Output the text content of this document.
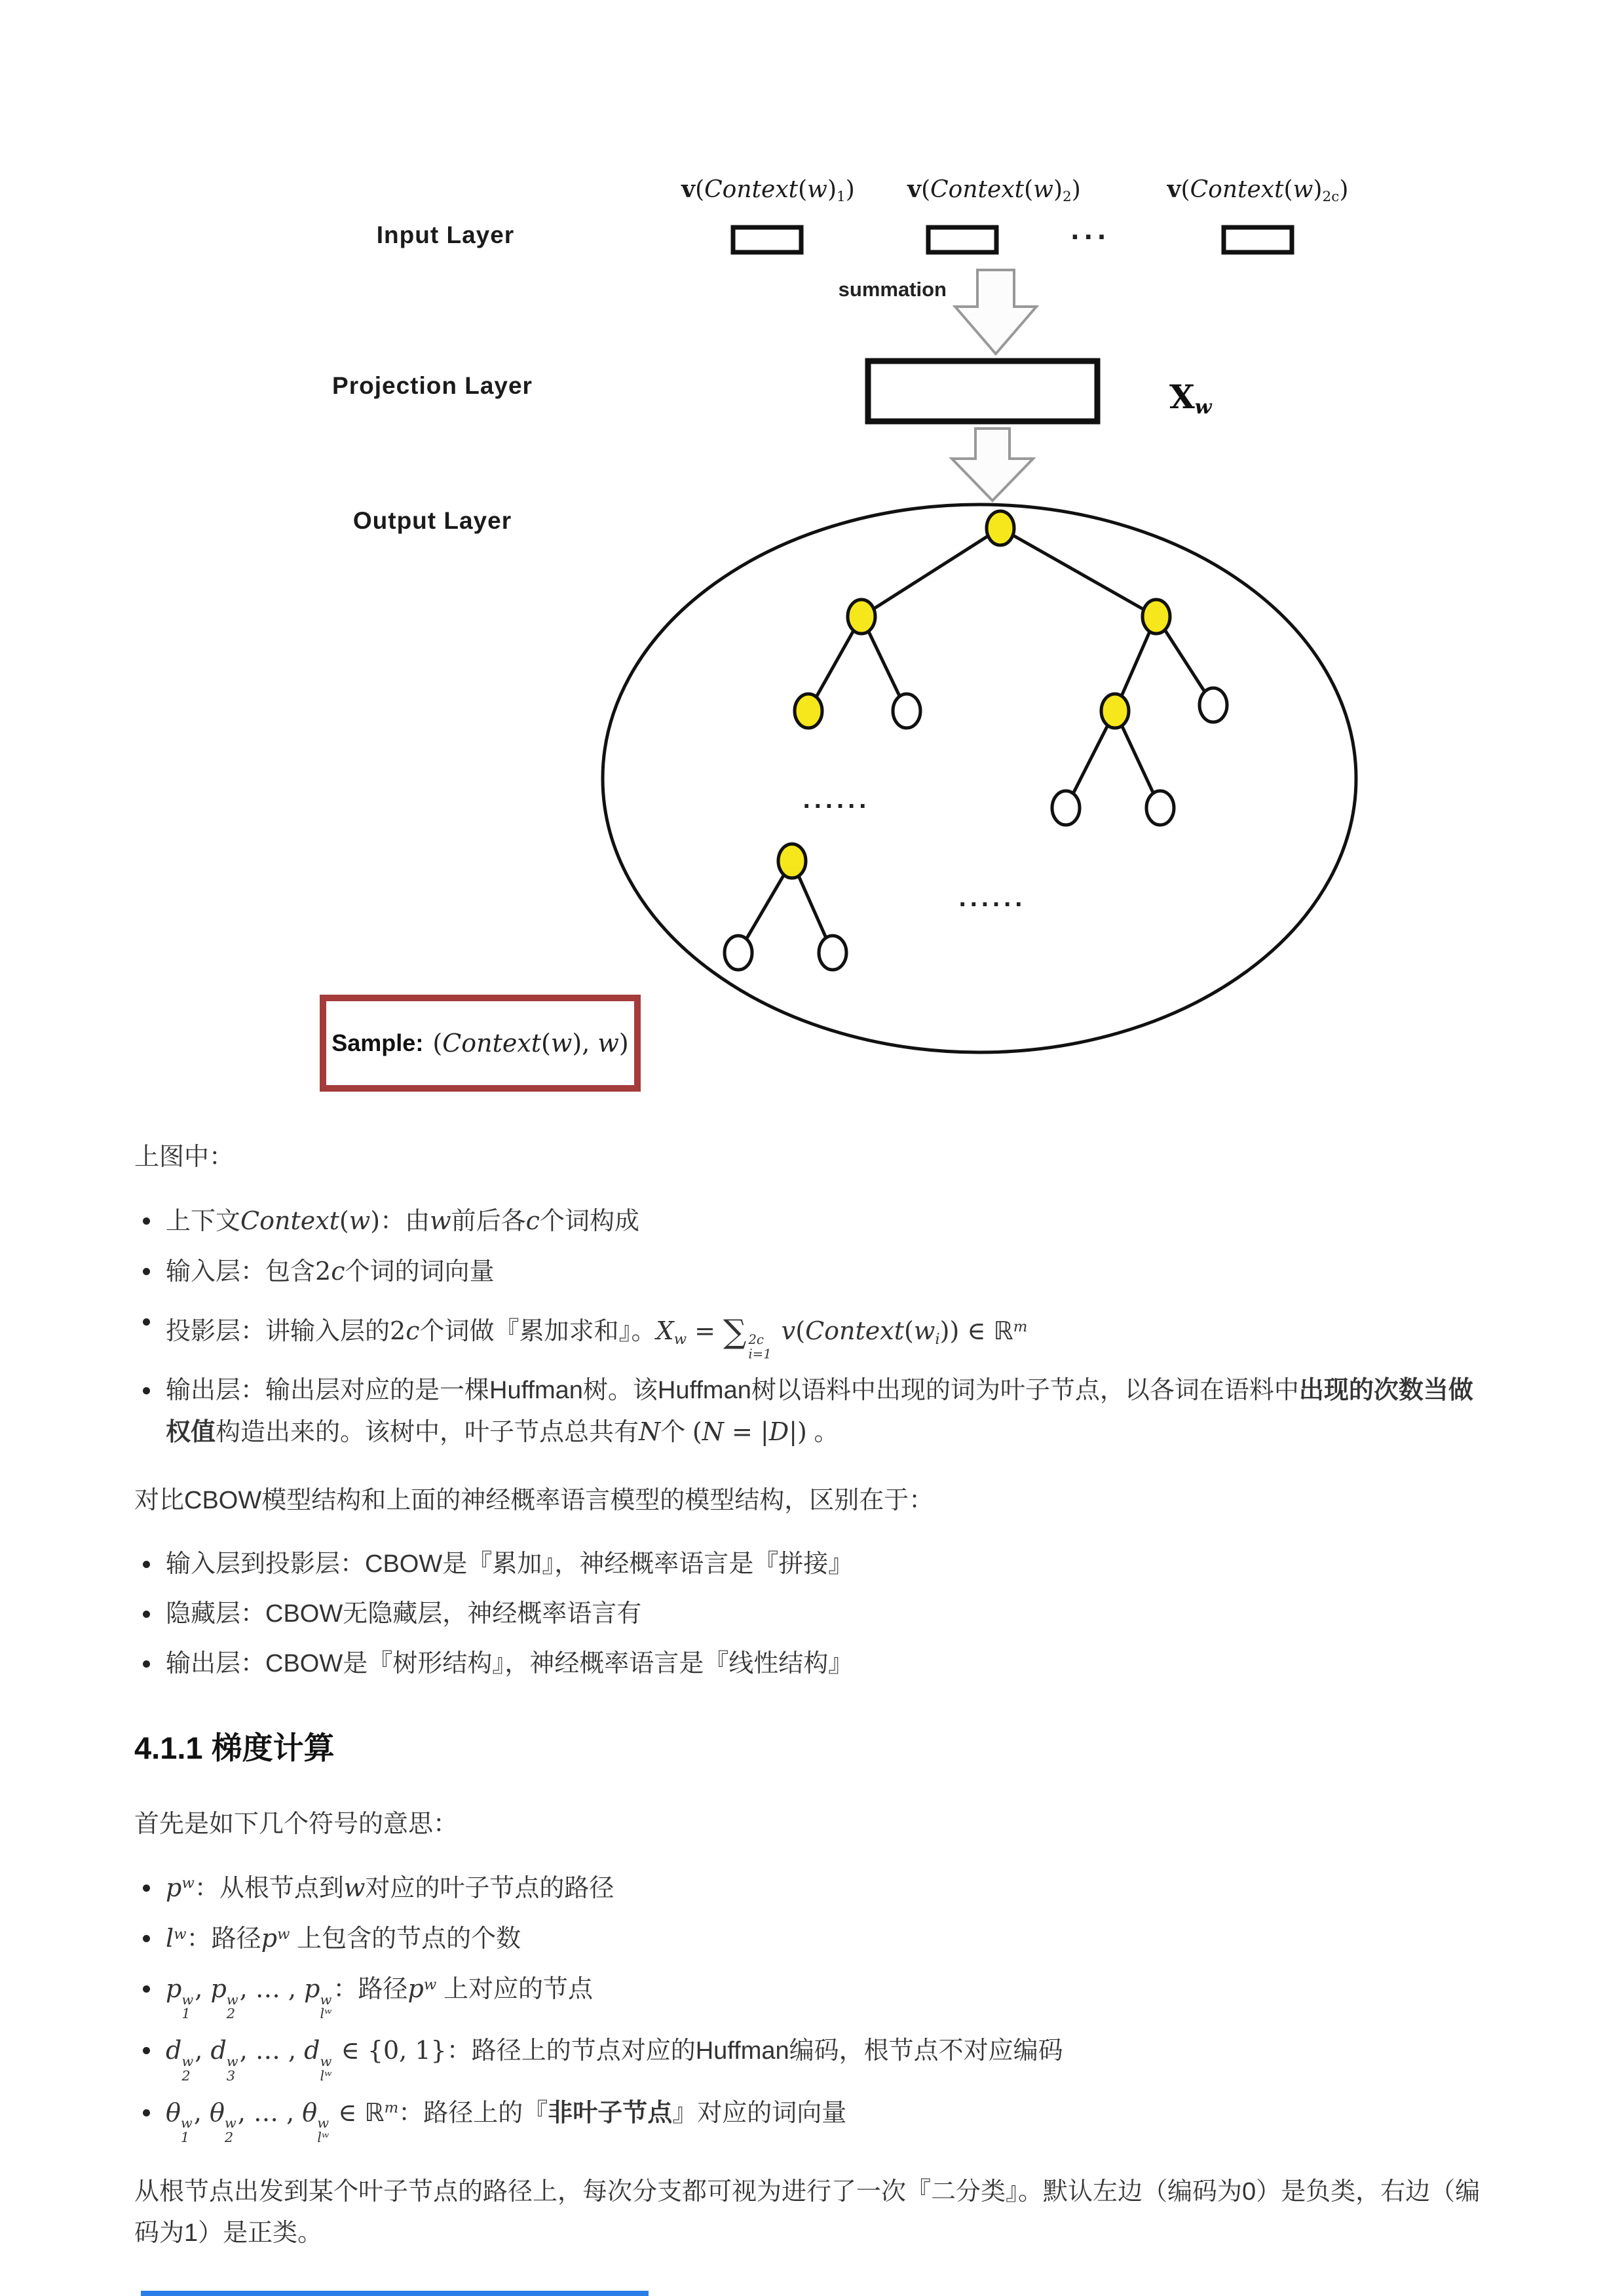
Input Layer
Projection Layer
Output Layer
v(Context(w)1)	v(Context(w)2)	v(Context(w)2c)
···
summation
Xw
......
......
Sample: (Context(w), w)

上图中：

上下文Context(w)：由w前后各c个词构成
输入层：包含2c个词的词向量
投影层：讲输入层的2c个词做『累加求和』。Xw = ∑ 2c
i=1
v(Context(wi)) ∈ ℝ$^m$
输出层：输出层对应的是一棵Huffman树。该Huffman树以语料中出现的词为叶子节点，以各词在语料中出现的次数当做权值构造出来的。该树中，叶子节点总共有N个 (N = |D|) 。

对比CBOW模型结构和上面的神经概率语言模型的模型结构，区别在于：

输入层到投影层：CBOW是『累加』，神经概率语言是『拼接』
隐藏层：CBOW无隐藏层，神经概率语言有
输出层：CBOW是『树形结构』，神经概率语言是『线性结构』
4.1.1 梯度计算

首先是如下几个符号的意思：

$p^w$：从根节点到w对应的叶子节点的路径
$l^w$：路径$p^w$ 上包含的节点的个数
p w
1
, p w
2
, … , p w
lʷ
：路径$p^w$ 上对应的节点
d w
2
, d w
3
, … , d w
lʷ
∈ {0, 1}：路径上的节点对应的Huffman编码，根节点不对应编码
θ w
1
, θ w
2
, … , θ w
lʷ
∈ ℝ$^m$：路径上的『非叶子节点』对应的词向量

从根节点出发到某个叶子节点的路径上，每次分支都可视为进行了一次『二分类』。默认左边（编码为0）是负类，右边（编码为1）是正类。
